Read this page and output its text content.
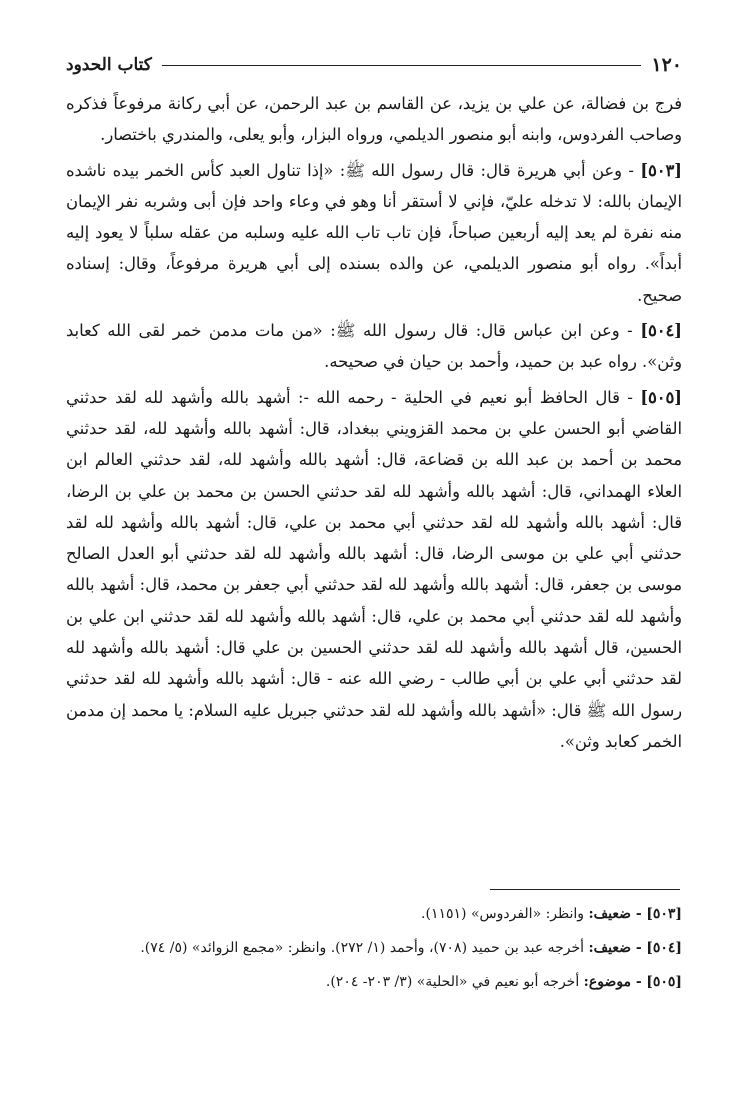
١٢٠
كتاب الحدود

فرج بن فضالة، عن علي بن يزيد، عن القاسم بن عبد الرحمن، عن أبي ركانة مرفوعاً فذكره وصاحب الفردوس، وابنه أبو منصور الديلمي، ورواه البزار، وأبو يعلى، والمندري باختصار.

[٥٠٣] - وعن أبي هريرة قال: قال رسول الله ﷺ: «إذا تناول العبد كأس الخمر بيده ناشده الإيمان بالله: لا تدخله عليّ، فإني لا أستقر أنا وهو في وعاء واحد فإن أبى وشربه نفر الإيمان منه نفرة لم يعد إليه أربعين صباحاً، فإن تاب تاب الله عليه وسلبه من عقله سلباً لا يعود إليه أبداً». رواه أبو منصور الديلمي، عن والده بسنده إلى أبي هريرة مرفوعاً، وقال: إسناده صحيح.

[٥٠٤] - وعن ابن عباس قال: قال رسول الله ﷺ: «من مات مدمن خمر لقى الله كعابد وثن». رواه عبد بن حميد، وأحمد بن حيان في صحيحه.

[٥٠٥] - قال الحافظ أبو نعيم في الحلية - رحمه الله -: أشهد بالله وأشهد لله لقد حدثني القاضي أبو الحسن علي بن محمد القزويني ببغداد، قال: أشهد بالله وأشهد لله، لقد حدثني محمد بن أحمد بن عبد الله بن قضاعة، قال: أشهد بالله وأشهد لله، لقد حدثني العالم ابن العلاء الهمداني، قال: أشهد بالله وأشهد لله لقد حدثني الحسن بن محمد بن علي بن الرضا، قال: أشهد بالله وأشهد لله لقد حدثني أبي محمد بن علي، قال: أشهد بالله وأشهد لله لقد حدثني أبي علي بن موسى الرضا، قال: أشهد بالله وأشهد لله لقد حدثني أبو العدل الصالح موسى بن جعفر، قال: أشهد بالله وأشهد لله لقد حدثني أبي جعفر بن محمد، قال: أشهد بالله وأشهد لله لقد حدثني أبي محمد بن علي، قال: أشهد بالله وأشهد لله لقد حدثني ابن علي بن الحسين، قال أشهد بالله وأشهد لله لقد حدثني الحسين بن علي قال: أشهد بالله وأشهد لله لقد حدثني أبي علي بن أبي طالب - رضي الله عنه - قال: أشهد بالله وأشهد لله لقد حدثني رسول الله ﷺ قال: «أشهد بالله وأشهد لله لقد حدثني جبريل عليه السلام: يا محمد إن مدمن الخمر كعابد وثن».

[٥٠٣] - ضعيف: وانظر: «الفردوس» (١١٥١).

[٥٠٤] - ضعيف: أخرجه عبد بن حميد (٧٠٨)، وأحمد (١/ ٢٧٢). وانظر: «مجمع الزوائد» (٥/ ٧٤).

[٥٠٥] - موضوع: أخرجه أبو نعيم في «الحلية» (٣/ ٢٠٣- ٢٠٤).
